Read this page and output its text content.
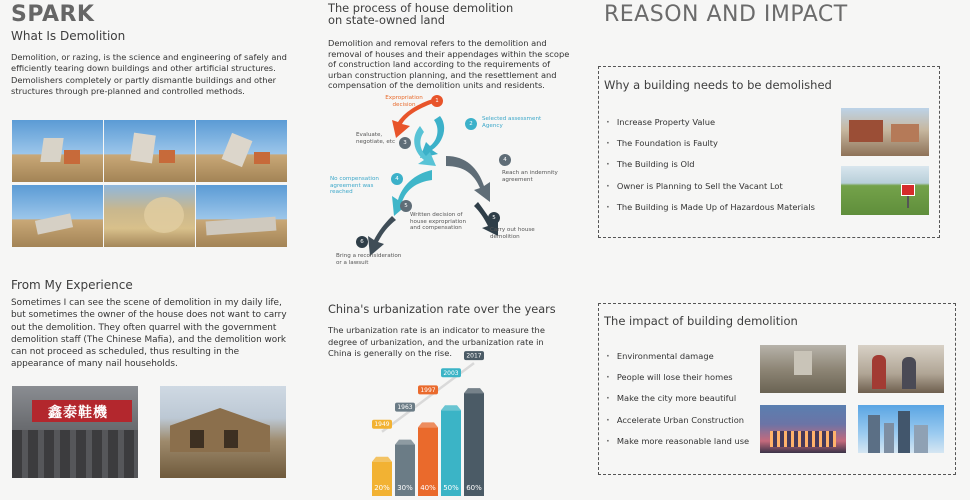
SPARK
What Is Demolition
Demolition, or razing, is the science and engineering of safely and efficiently tearing down buildings and other artificial structures. Demolishers completely or partly dismantle buildings and other structures through pre-planned and controlled methods.
From My Experience
Sometimes I can see the scene of demolition in my daily life, but sometimes the owner of the house does not want to carry out the demolition. They often quarrel with the government demolition staff (The Chinese Mafia), and the demolition work can not proceed as scheduled, thus resulting in the appearance of many nail households.
鑫泰鞋機
The process of house demolition
on state-owned land
Demolition and removal refers to the demolition and removal of houses and their appendages within the scope of construction land according to the requirements of urban construction planning, and the resettlement and compensation of the demolition units and residents.
1
2
3
4
4
5
5
6
Expropriation decision
Selected assessment Agency
Evaluate, negotiate, etc
Reach an indemnity agreement
No compensation agreement was reached
Written decision of house expropriation and compensation	Carry out house demolition
Bring a reconsideration or a lawsuit
China's urbanization rate over the years
The urbanization rate is an indicator to measure the degree of urbanization, and the urbanization rate in China is generally on the rise.
20% 30% 40% 50% 60%
1949
1963
1997
2003
2017
REASON AND IMPACT
Why a building needs to be demolished
· Increase Property Value
· The Foundation is Faulty
· The Building is Old
· Owner is Planning to Sell the Vacant Lot
· The Building is Made Up of Hazardous Materials
The impact of building demolition
· Environmental damage
· People will lose their homes
· Make the city more beautiful
· Accelerate Urban Construction
· Make more reasonable land use
